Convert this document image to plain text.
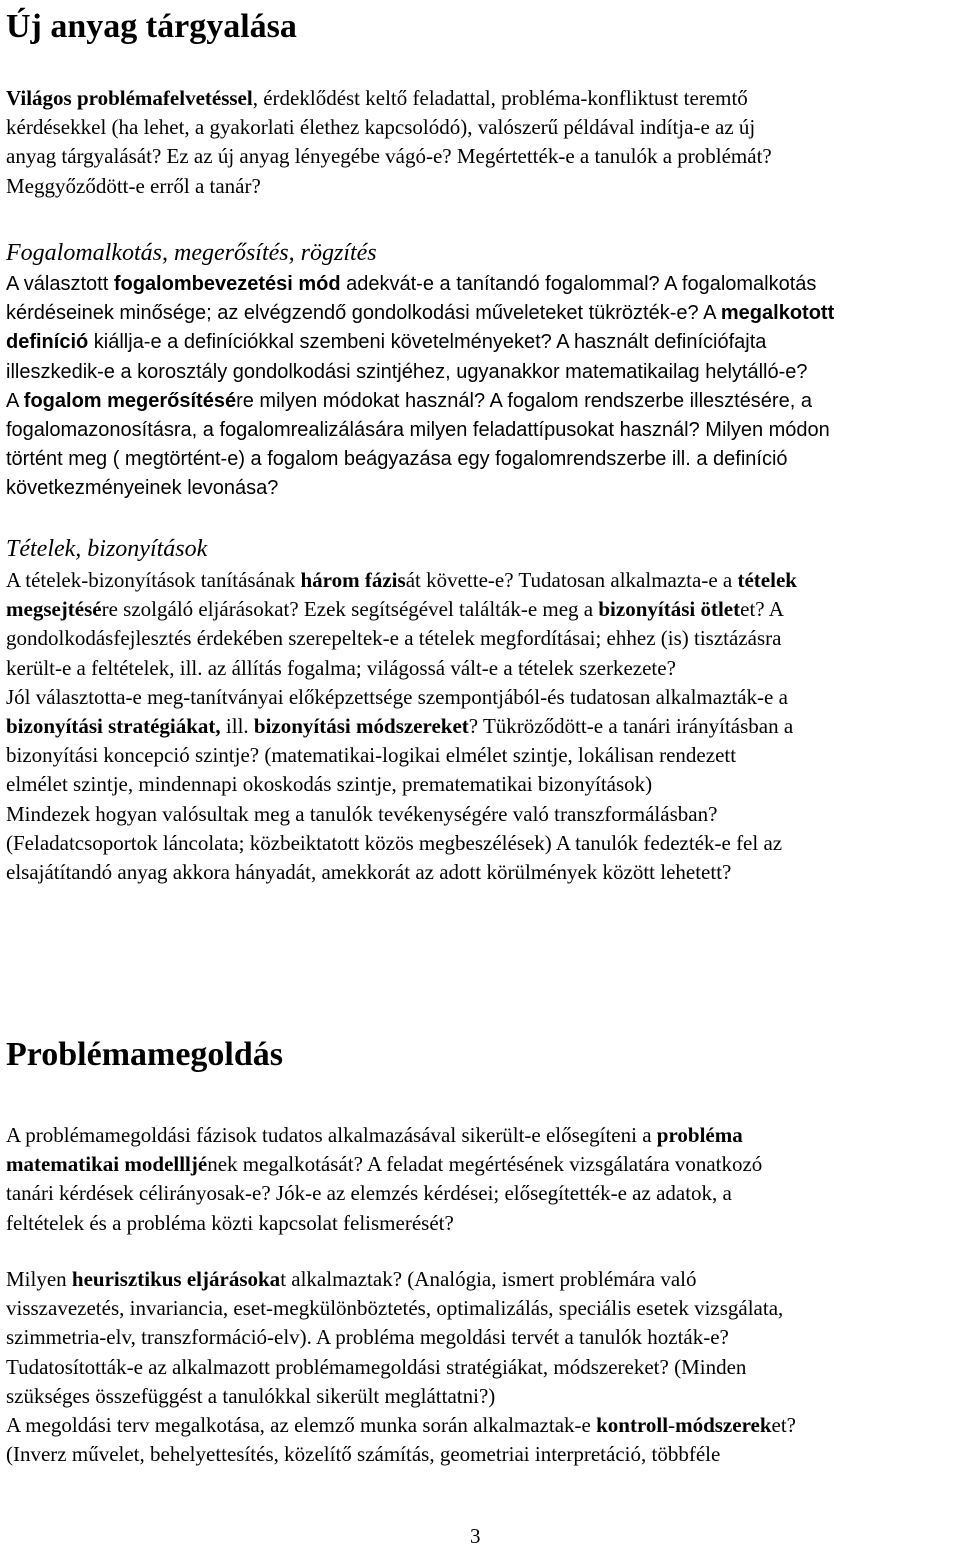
Új anyag tárgyalása
Világos problémafelvetéssel, érdeklődést keltő feladattal, probléma-konfliktust teremtő
kérdésekkel (ha lehet, a gyakorlati élethez kapcsolódó), valószerű példával indítja-e az új
anyag tárgyalását? Ez az új anyag lényegébe vágó-e? Megértették-e a tanulók a problémát?
Meggyőződött-e erről a tanár?
Fogalomalkotás, megerősítés, rögzítés
A választott fogalombevezetési mód adekvát-e a tanítandó fogalommal? A fogalomalkotás
kérdéseinek minősége; az elvégzendő gondolkodási műveleteket tükrözték-e? A megalkotott
definíció kiállja-e a definíciókkal szembeni követelményeket? A használt definíciófajta
illeszkedik-e a korosztály gondolkodási szintjéhez, ugyanakkor matematikailag helytálló-e?
A fogalom megerősítésére milyen módokat használ? A fogalom rendszerbe illesztésére, a
fogalomazonosításra, a fogalomrealizálására milyen feladattípusokat használ? Milyen módon
történt meg ( megtörtént-e) a fogalom beágyazása egy fogalomrendszerbe ill. a definíció
következményeinek levonása?
Tételek, bizonyítások
A tételek-bizonyítások tanításának három fázisát követte-e? Tudatosan alkalmazta-e a tételek
megsejtésére szolgáló eljárásokat? Ezek segítségével találták-e meg a bizonyítási ötletet? A
gondolkodásfejlesztés érdekében szerepeltek-e a tételek megfordításai; ehhez (is) tisztázásra
került-e a feltételek, ill. az állítás fogalma; világossá vált-e a tételek szerkezete?
Jól választotta-e meg-tanítványai előképzettsége szempontjából-és tudatosan alkalmazták-e a
bizonyítási stratégiákat, ill. bizonyítási módszereket? Tükröződött-e a tanári irányításban a
bizonyítási koncepció szintje? (matematikai-logikai elmélet szintje, lokálisan rendezett
elmélet szintje, mindennapi okoskodás szintje, prematematikai bizonyítások)
Mindezek hogyan valósultak meg a tanulók tevékenységére való transzformálásban?
(Feladatcsoportok láncolata; közbeiktatott közös megbeszélések) A tanulók fedezték-e fel az
elsajátítandó anyag akkora hányadát, amekkorát az adott körülmények között lehetett?
Problémamegoldás
A problémamegoldási fázisok tudatos alkalmazásával sikerült-e elősegíteni a probléma
matematikai modellljének megalkotását? A feladat megértésének vizsgálatára vonatkozó
tanári kérdések célirányosak-e? Jók-e az elemzés kérdései; elősegítették-e az adatok, a
feltételek és a probléma közti kapcsolat felismerését?
Milyen heurisztikus eljárásokat alkalmaztak? (Analógia, ismert problémára való
visszavezetés, invariancia, eset-megkülönböztetés, optimalizálás, speciális esetek vizsgálata,
szimmetria-elv, transzformáció-elv). A probléma megoldási tervét a tanulók hozták-e?
Tudatosították-e az alkalmazott problémamegoldási stratégiákat, módszereket? (Minden
szükséges összefüggést a tanulókkal sikerült megláttatni?)
A megoldási terv megalkotása, az elemző munka során alkalmaztak-e kontroll-módszereket?
(Inverz művelet, behelyettesítés, közelítő számítás, geometriai interpretáció, többféle
3
